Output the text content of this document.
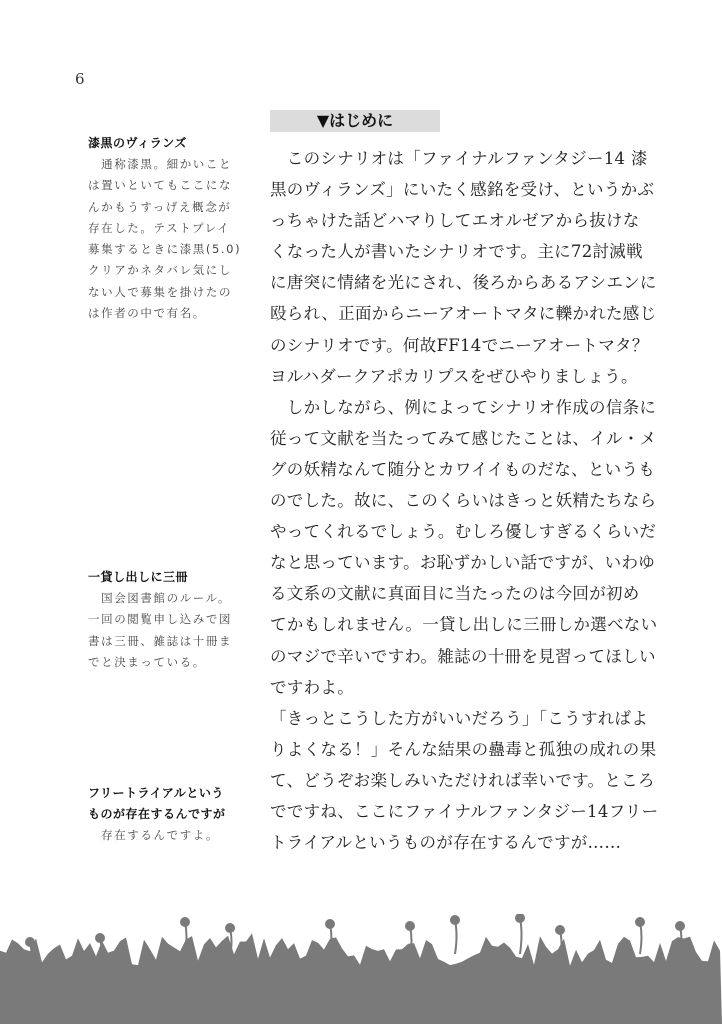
6
漆黒のヴィランズ
　通称漆黒。細かいこと
は置いといてもここにな
んかもうすっげえ概念が
存在した。テストプレイ
募集するときに漆黒(5.0)
クリアかネタバレ気にし
ない人で募集を掛けたの
は作者の中で有名。
一貸し出しに三冊
　国会図書館のルール。
一回の閲覧申し込みで図
書は三冊、雑誌は十冊ま
でと決まっている。
フリートライアルという
ものが存在するんですが
　存在するんですよ。
▼はじめに
　このシナリオは「ファイナルファンタジー14 漆
黒のヴィランズ」にいたく感銘を受け、というかぶ
っちゃけた話どハマりしてエオルゼアから抜けな
くなった人が書いたシナリオです。主に72討滅戦
に唐突に情緒を光にされ、後ろからあるアシエンに
殴られ、正面からニーアオートマタに轢かれた感じ
のシナリオです。何故FF14でニーアオートマタ？
ヨルハダークアポカリプスをぜひやりましょう。
　しかしながら、例によってシナリオ作成の信条に
従って文献を当たってみて感じたことは、イル・メ
グの妖精なんて随分とカワイイものだな、というも
のでした。故に、このくらいはきっと妖精たちなら
やってくれるでしょう。むしろ優しすぎるくらいだ
なと思っています。お恥ずかしい話ですが、いわゆ
る文系の文献に真面目に当たったのは今回が初め
てかもしれません。一貸し出しに三冊しか選べない
のマジで辛いですわ。雑誌の十冊を見習ってほしい
ですわよ。
「きっとこうした方がいいだろう」「こうすればよ
りよくなる！」そんな結果の蠱毒と孤独の成れの果
て、どうぞお楽しみいただければ幸いです。ところ
でですね、ここにファイナルファンタジー14フリー
トライアルというものが存在するんですが……
